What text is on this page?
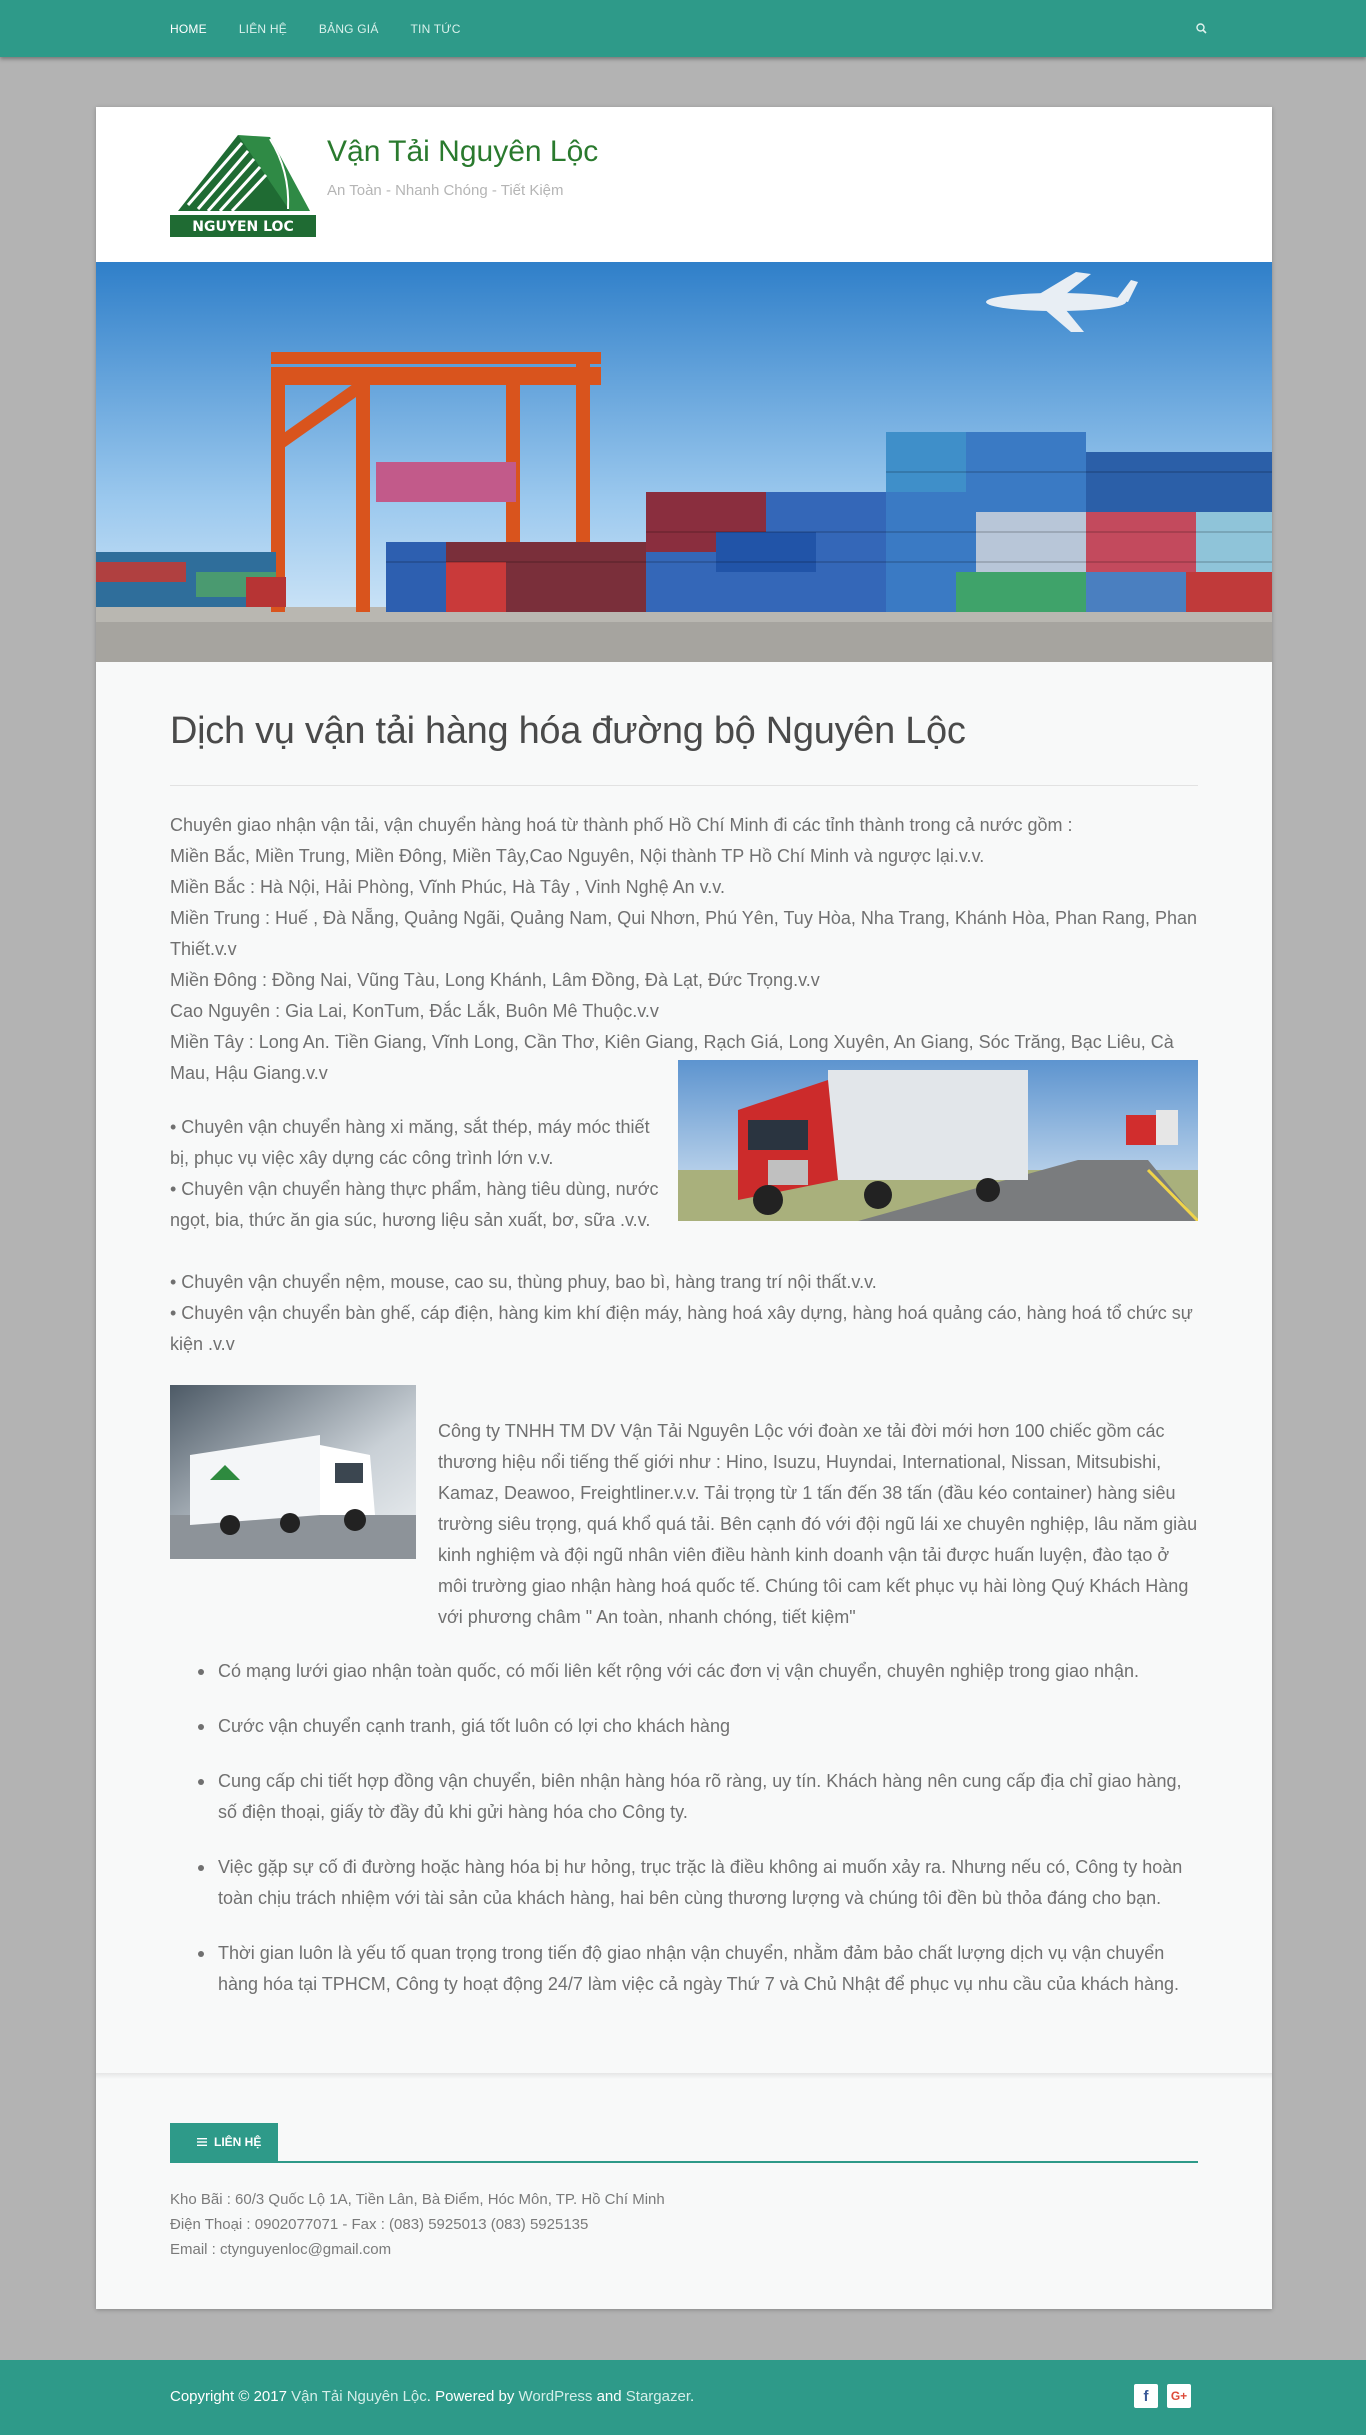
HOME	LIÊN HỆ	BẢNG GIÁ	TIN TỨC
NGUYEN LOC
Vận Tải Nguyên Lộc
An Toàn - Nhanh Chóng - Tiết Kiệm
LIÊN HỆ
Kho Bãi : 60/3 Quốc Lộ 1A, Tiền Lân, Bà Điểm, Hóc Môn, TP. Hồ Chí Minh
Điện Thoại : 0902077071 - Fax : (083) 5925013 (083) 5925135
Email : ctynguyenloc@gmail.com
Dịch vụ vận tải hàng hóa đường bộ Nguyên Lộc

Chuyên giao nhận vận tải, vận chuyển hàng hoá từ thành phố Hồ Chí Minh đi các tỉnh thành trong cả nước gồm :

Miền Bắc, Miền Trung, Miền Đông, Miền Tây,Cao Nguyên, Nội thành TP Hồ Chí Minh và ngược lại.v.v.

Miền Bắc : Hà Nội, Hải Phòng, Vĩnh Phúc, Hà Tây , Vinh Nghệ An v.v.

Miền Trung : Huế , Đà Nẵng, Quảng Ngãi, Quảng Nam, Qui Nhơn, Phú Yên, Tuy Hòa, Nha Trang, Khánh Hòa, Phan Rang, Phan Thiết.v.v

Miền Đông : Đồng Nai, Vũng Tàu, Long Khánh, Lâm Đồng, Đà Lạt, Đức Trọng.v.v

Cao Nguyên : Gia Lai, KonTum, Đắc Lắk, Buôn Mê Thuộc.v.v

Miền Tây : Long An. Tiền Giang, Vĩnh Long, Cần Thơ, Kiên Giang, Rạch Giá, Long Xuyên, An Giang, Sóc Trăng, Bạc Liêu, Cà Mau, Hậu Giang.v.v

• Chuyên vận chuyển hàng xi măng, sắt thép, máy móc thiết bị, phục vụ việc xây dựng các công trình lớn v.v.

• Chuyên vận chuyển hàng thực phẩm, hàng tiêu dùng, nước ngọt, bia, thức ăn gia súc, hương liệu sản xuất, bơ, sữa .v.v.

• Chuyên vận chuyển nệm, mouse, cao su, thùng phuy, bao bì, hàng trang trí nội thất.v.v.

• Chuyên vận chuyển bàn ghế, cáp điện, hàng kim khí điện máy, hàng hoá xây dựng, hàng hoá quảng cáo, hàng hoá tổ chức sự kiện .v.v

Công ty TNHH TM DV Vận Tải Nguyên Lộc với đoàn xe tải đời mới hơn 100 chiếc gồm các thương hiệu nổi tiếng thế giới như : Hino, Isuzu, Huyndai, International, Nissan, Mitsubishi, Kamaz, Deawoo, Freightliner.v.v. Tải trọng từ 1 tấn đến 38 tấn (đầu kéo container) hàng siêu trường siêu trọng, quá khổ quá tải. Bên cạnh đó với đội ngũ lái xe chuyên nghiệp, lâu năm giàu kinh nghiệm và đội ngũ nhân viên điều hành kinh doanh vận tải được huấn luyện, đào tạo ở môi trường giao nhận hàng hoá quốc tế. Chúng tôi cam kết phục vụ hài lòng Quý Khách Hàng với phương châm " An toàn, nhanh chóng, tiết kiệm"
Có mạng lưới giao nhận toàn quốc, có mối liên kết rộng với các đơn vị vận chuyển, chuyên nghiệp trong giao nhận.
Cước vận chuyển cạnh tranh, giá tốt luôn có lợi cho khách hàng
Cung cấp chi tiết hợp đồng vận chuyển, biên nhận hàng hóa rõ ràng, uy tín. Khách hàng nên cung cấp địa chỉ giao hàng, số điện thoại, giấy tờ đầy đủ khi gửi hàng hóa cho Công ty.
Việc gặp sự cố đi đường hoặc hàng hóa bị hư hỏng, trục trặc là điều không ai muốn xảy ra. Nhưng nếu có, Công ty hoàn toàn chịu trách nhiệm với tài sản của khách hàng, hai bên cùng thương lượng và chúng tôi đền bù thỏa đáng cho bạn.
Thời gian luôn là yếu tố quan trọng trong tiến độ giao nhận vận chuyển, nhằm đảm bảo chất lượng dịch vụ vận chuyển hàng hóa tại TPHCM, Công ty hoạt động 24/7 làm việc cả ngày Thứ 7 và Chủ Nhật để phục vụ nhu cầu của khách hàng.
Copyright © 2017 Vận Tải Nguyên Lộc. Powered by WordPress and Stargazer.	f	G+
